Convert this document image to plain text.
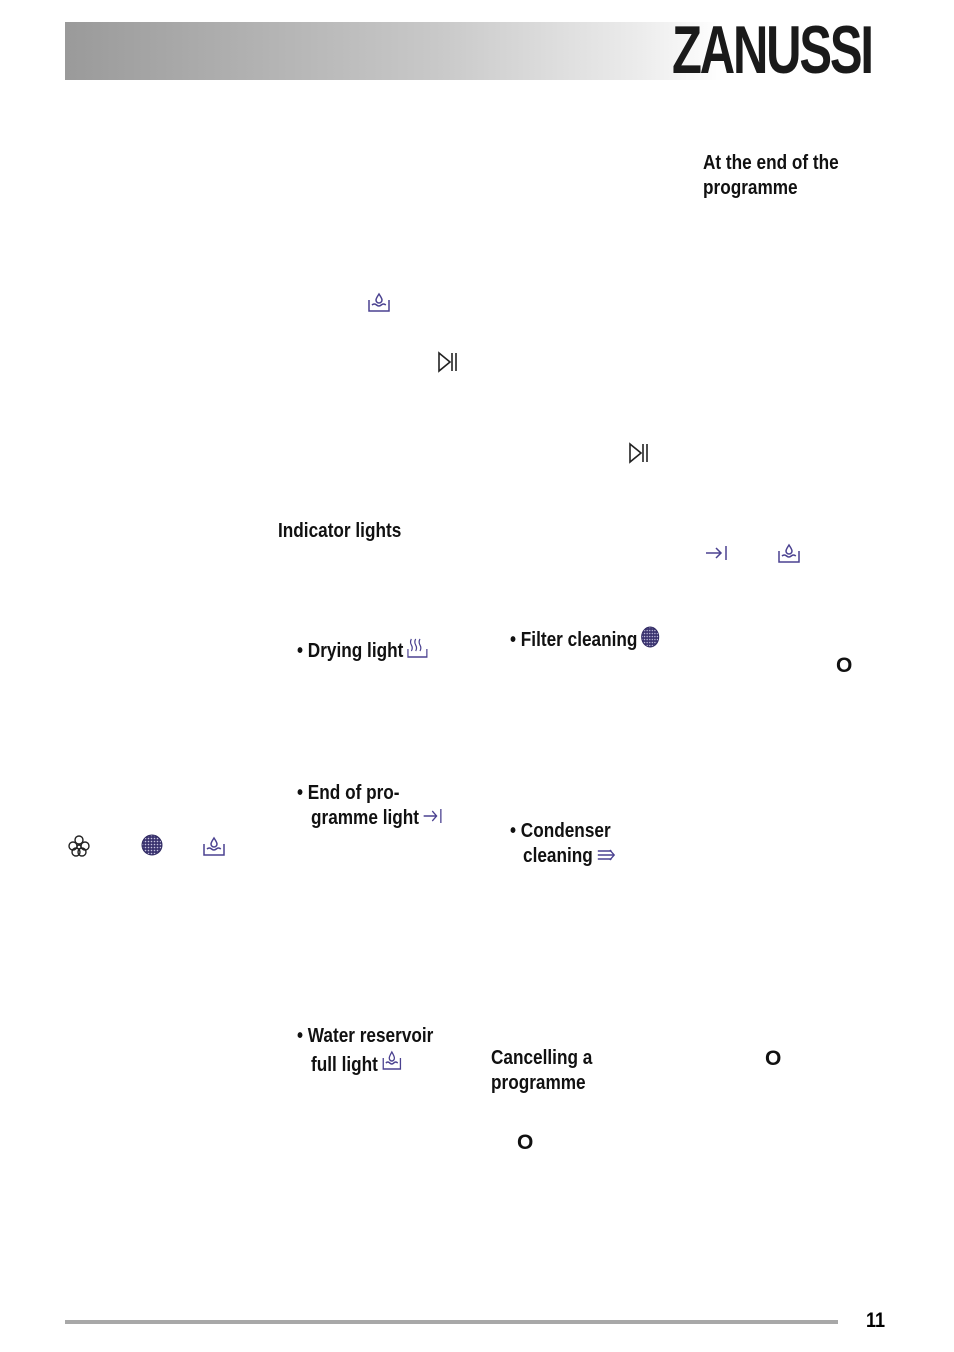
ZANUSSI
At the end of the
programme
Indicator lights
• Filter cleaning
• Drying light
O
• End of pro-
gramme light
• Condenser
cleaning
• Water reservoir
full light	Cancelling a
programme
O
O
11
